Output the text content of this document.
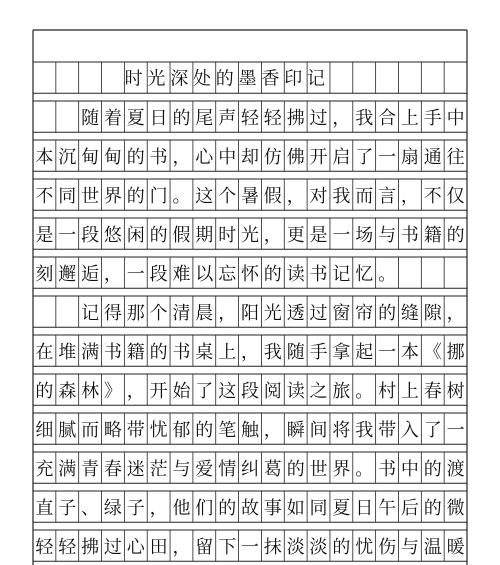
时光深处的墨香印记
随 着 夏 日 的 尾 声 轻 轻 拂 过 ， 我 合 上 手 中
本 沉 甸 甸 的 书 ， 心 中 却 仿 佛 开 启 了 一 扇 通 往
不 同 世 界 的 门 。 这 个 暑 假 ， 对 我 而 言 ， 不 仅
是 一 段 悠 闲 的 假 期 时 光 ， 更 是 一 场 与 书 籍 的
刻 邂 逅 ， 一 段 难 以 忘 怀 的 读 书 记 忆 。
记 得 那 个 清 晨 ， 阳 光 透 过 窗 帘 的 缝 隙 ，
在 堆 满 书 籍 的 书 桌 上 ， 我 随 手 拿 起 一 本 《 挪
的 森 林 》 ， 开 始 了 这 段 阅 读 之 旅 。 村 上 春 树
细 腻 而 略 带 忧 郁 的 笔 触 ， 瞬 间 将 我 带 入 了 一
充 满 青 春 迷 茫 与 爱 情 纠 葛 的 世 界 。 书 中 的 渡
直 子 、 绿 子 ， 他 们 的 故 事 如 同 夏 日 午 后 的 微
轻 轻 拂 过 心 田 ， 留 下 一 抹 淡 淡 的 忧 伤 与 温 暖
